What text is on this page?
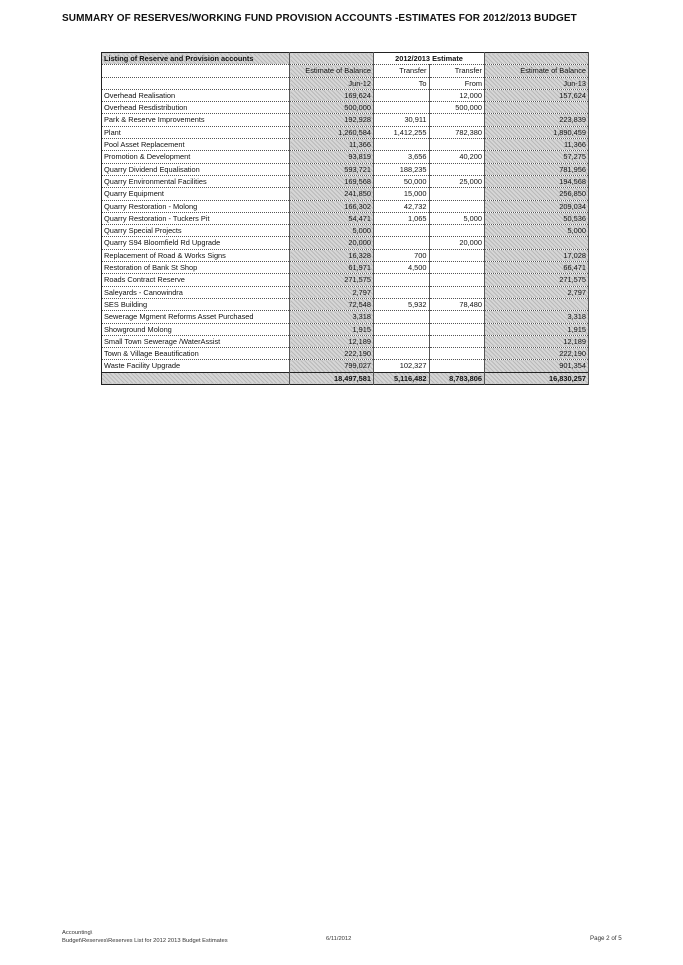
SUMMARY OF RESERVES/WORKING FUND PROVISION ACCOUNTS -ESTIMATES FOR 2012/2013 BUDGET
Listing of Reserve and Provision accounts		2012/2013 Estimate		
	Estimate of Balance	Transfer	Transfer	Estimate of Balance
	Jun-12	To	From	Jun-13
Overhead Realisation	169,624		12,000	157,624
Overhead Resdistribution	500,000		500,000	
Park & Reserve Improvements	192,928	30,911		223,839
Plant	1,260,584	1,412,255	782,380	1,890,459
Pool Asset Replacement	11,366			11,366
Promotion & Development	93,819	3,656	40,200	57,275
Quarry Dividend Equalisation	593,721	188,235		781,956
Quarry Environmental Facilities	169,568	50,000	25,000	194,568
Quarry Equipment	241,850	15,000		256,850
Quarry Restoration - Molong	166,302	42,732		209,034
Quarry Restoration - Tuckers Pit	54,471	1,065	5,000	50,536
Quarry Special Projects	5,000			5,000
Quarry S94 Bloomfield Rd Upgrade	20,000		20,000	
Replacement of Road & Works Signs	16,328	700		17,028
Restoration of Bank St Shop	61,971	4,500		66,471
Roads Contract Reserve	271,575			271,575
Saleyards - Canowindra	2,797			2,797
SES Building	72,548	5,932	78,480	
Sewerage Mgment Reforms Asset Purchased	3,318			3,318
Showground Molong	1,915			1,915
Small Town Sewerage /WaterAssist	12,189			12,189
Town & Village Beautification	222,190			222,190
Waste Facility Upgrade	799,027	102,327		901,354
	18,497,581	5,116,482	8,783,806	16,830,257
Accounting\
Budget\Reserves\Reserves List for 2012 2013 Budget Estimates	6/11/2012	Page 2 of 5
